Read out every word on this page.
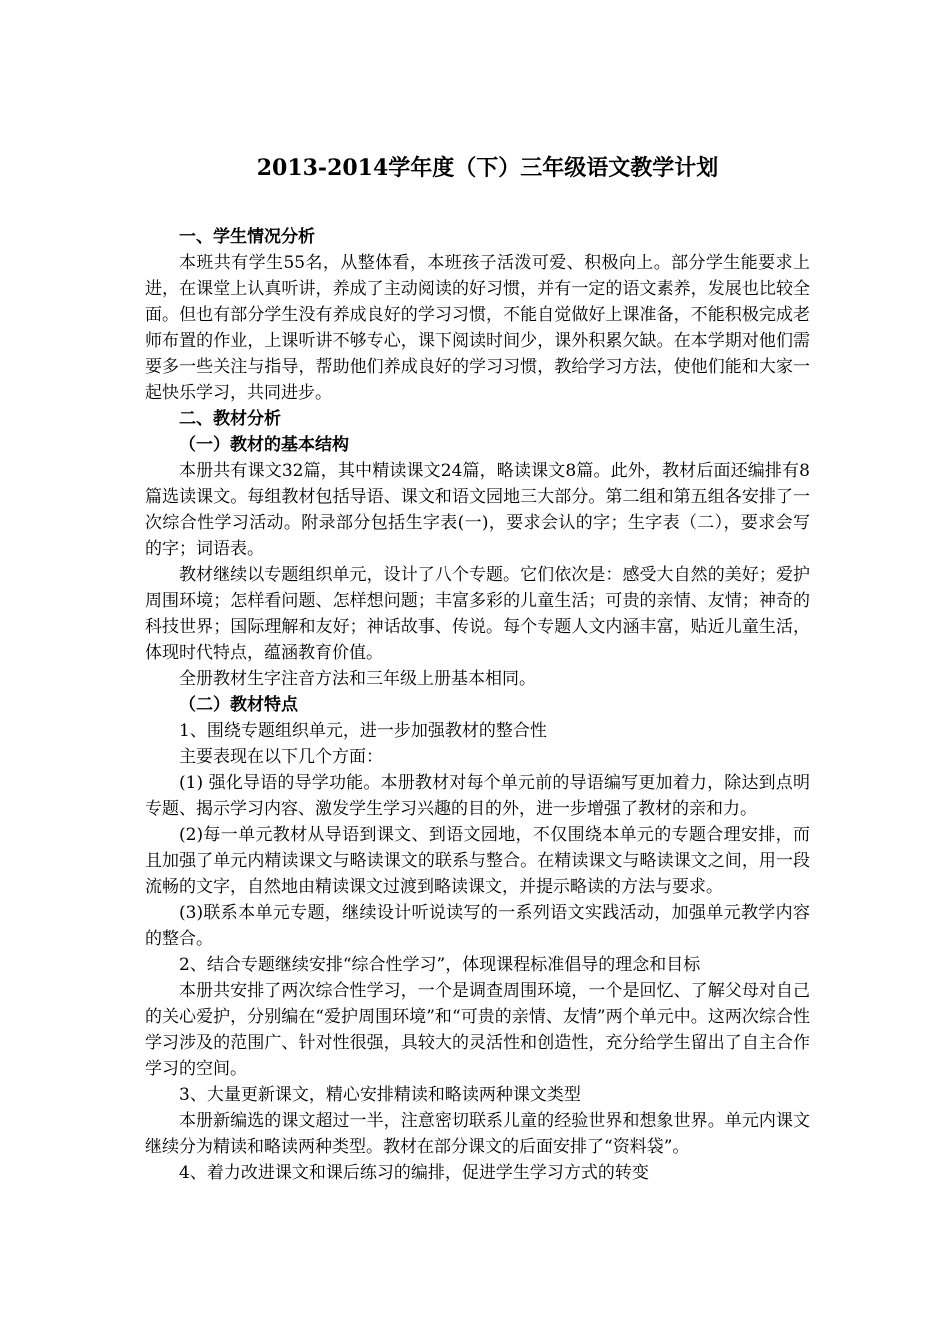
2013-2014学年度（下）三年级语文教学计划
一、学生情况分析
本班共有学生55名，从整体看，本班孩子活泼可爱、积极向上。部分学生能要求上进，在课堂上认真听讲，养成了主动阅读的好习惯，并有一定的语文素养，发展也比较全面。但也有部分学生没有养成良好的学习习惯，不能自觉做好上课准备，不能积极完成老师布置的作业，上课听讲不够专心，课下阅读时间少，课外积累欠缺。在本学期对他们需要多一些关注与指导，帮助他们养成良好的学习习惯，教给学习方法，使他们能和大家一起快乐学习，共同进步。
二、教材分析
（一）教材的基本结构
本册共有课文32篇，其中精读课文24篇，略读课文8篇。此外，教材后面还编排有8篇选读课文。每组教材包括导语、课文和语文园地三大部分。第二组和第五组各安排了一次综合性学习活动。附录部分包括生字表(一)，要求会认的字；生字表（二），要求会写的字；词语表。
教材继续以专题组织单元，设计了八个专题。它们依次是：感受大自然的美好；爱护周围环境；怎样看问题、怎样想问题；丰富多彩的儿童生活；可贵的亲情、友情；神奇的科技世界；国际理解和友好；神话故事、传说。每个专题人文内涵丰富，贴近儿童生活，体现时代特点，蕴涵教育价值。
全册教材生字注音方法和三年级上册基本相同。
（二）教材特点
1、围绕专题组织单元，进一步加强教材的整合性
主要表现在以下几个方面：
(1) 强化导语的导学功能。本册教材对每个单元前的导语编写更加着力，除达到点明专题、揭示学习内容、激发学生学习兴趣的目的外，进一步增强了教材的亲和力。
(2)每一单元教材从导语到课文、到语文园地，不仅围绕本单元的专题合理安排，而且加强了单元内精读课文与略读课文的联系与整合。在精读课文与略读课文之间，用一段流畅的文字，自然地由精读课文过渡到略读课文，并提示略读的方法与要求。
(3)联系本单元专题，继续设计听说读写的一系列语文实践活动，加强单元教学内容的整合。
2、结合专题继续安排“综合性学习”，体现课程标准倡导的理念和目标
本册共安排了两次综合性学习，一个是调查周围环境，一个是回忆、了解父母对自己的关心爱护，分别编在“爱护周围环境”和“可贵的亲情、友情”两个单元中。这两次综合性学习涉及的范围广、针对性很强，具较大的灵活性和创造性，充分给学生留出了自主合作学习的空间。
3、大量更新课文，精心安排精读和略读两种课文类型
本册新编选的课文超过一半，注意密切联系儿童的经验世界和想象世界。单元内课文继续分为精读和略读两种类型。教材在部分课文的后面安排了“资料袋”。
4、着力改进课文和课后练习的编排，促进学生学习方式的转变
